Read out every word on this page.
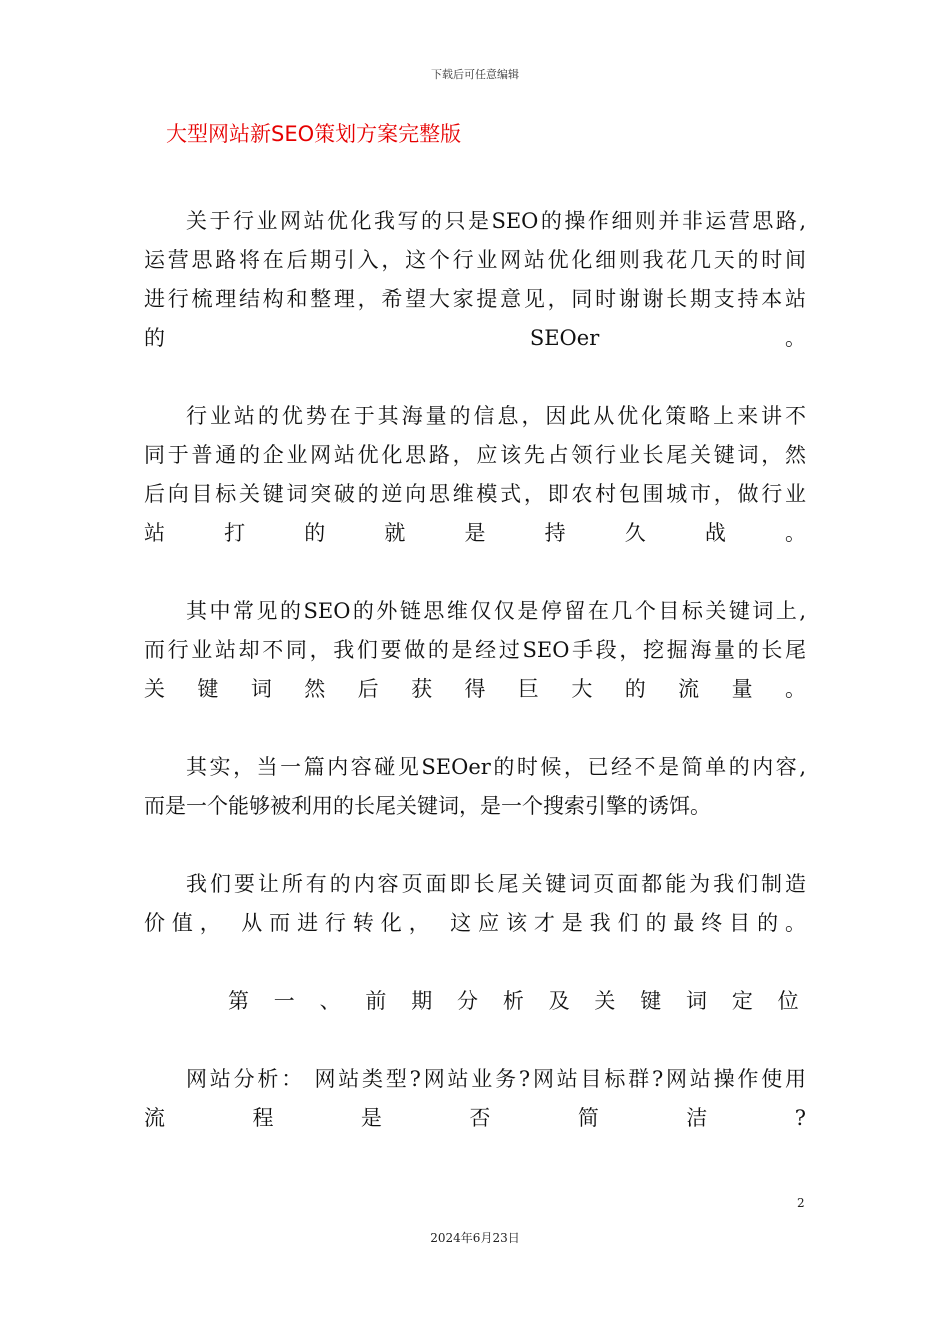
下载后可任意编辑
大型网站新SEO策划方案完整版
关于行业网站优化我写的只是SEO的操作细则并非运营思路,
运营思路将在后期引入，这个行业网站优化细则我花几天的时间
进行梳理结构和整理，希望大家提意见，同时谢谢长期支持本站
的 SEOer 。
行业站的优势在于其海量的信息，因此从优化策略上来讲不
同于普通的企业网站优化思路，应该先占领行业长尾关键词，然
后向目标关键词突破的逆向思维模式，即农村包围城市，做行业
站 打 的 就 是 持 久 战 。
其中常见的SEO的外链思维仅仅是停留在几个目标关键词上,
而行业站却不同，我们要做的是经过SEO手段，挖掘海量的长尾
关 键 词 然 后 获 得 巨 大 的 流 量 。
其实，当一篇内容碰见SEOer的时候，已经不是简单的内容,
而是一个能够被利用的长尾关键词，是一个搜索引擎的诱饵。
我们要让所有的内容页面即长尾关键词页面都能为我们制造
价值， 从而进行转化， 这应该才是我们的最终目的。
第 一 、 前 期 分 析 及 关 键 词 定 位
网站分析： 网站类型?网站业务?网站目标群?网站操作使用
流 程 是 否 简 洁 ?
2
2024年6月23日
